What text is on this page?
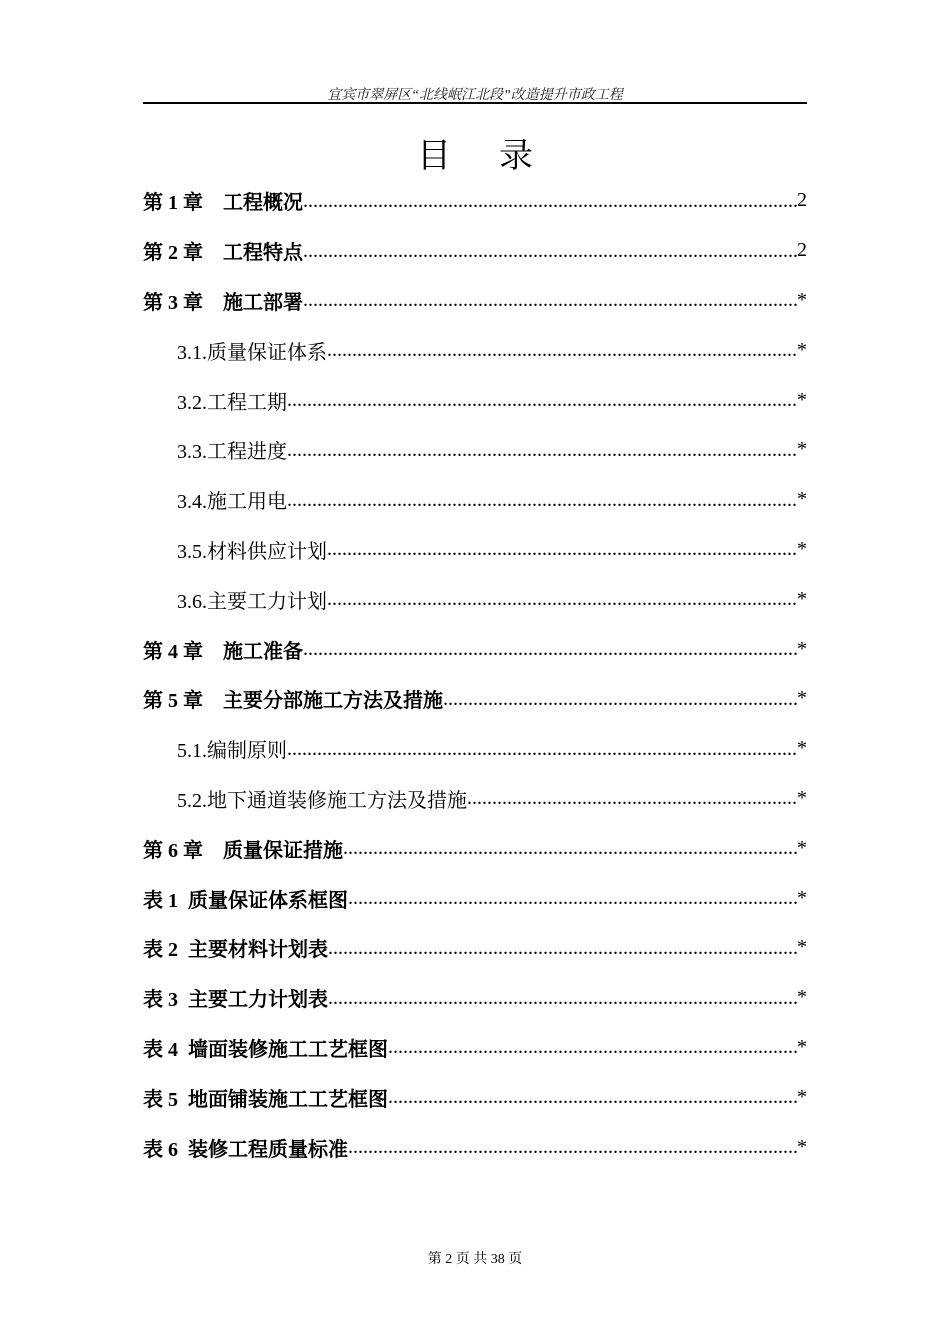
宜宾市翠屏区“北线岷江北段”改造提升市政工程
目录
第 1 章　工程概况 .....	2
第 2 章　工程特点 .....	2
第 3 章　施工部署 .....	*
3.1.质量保证体系 .....	*
3.2.工程工期 .....	*
3.3.工程进度 .....	*
3.4.施工用电 .....	*
3.5.材料供应计划 .....	*
3.6.主要工力计划 .....	*
第 4 章　施工准备 .....	*
第 5 章　主要分部施工方法及措施 .....	*
5.1.编制原则 .....	*
5.2.地下通道装修施工方法及措施 .....	*
第 6 章　质量保证措施 .....	*
表 1  质量保证体系框图 .....	*
表 2  主要材料计划表 .....	*
表 3  主要工力计划表 .....	*
表 4  墙面装修施工工艺框图 .....	*
表 5  地面铺装施工工艺框图 .....	*
表 6  装修工程质量标准 .....	*
第 2 页 共 38 页
